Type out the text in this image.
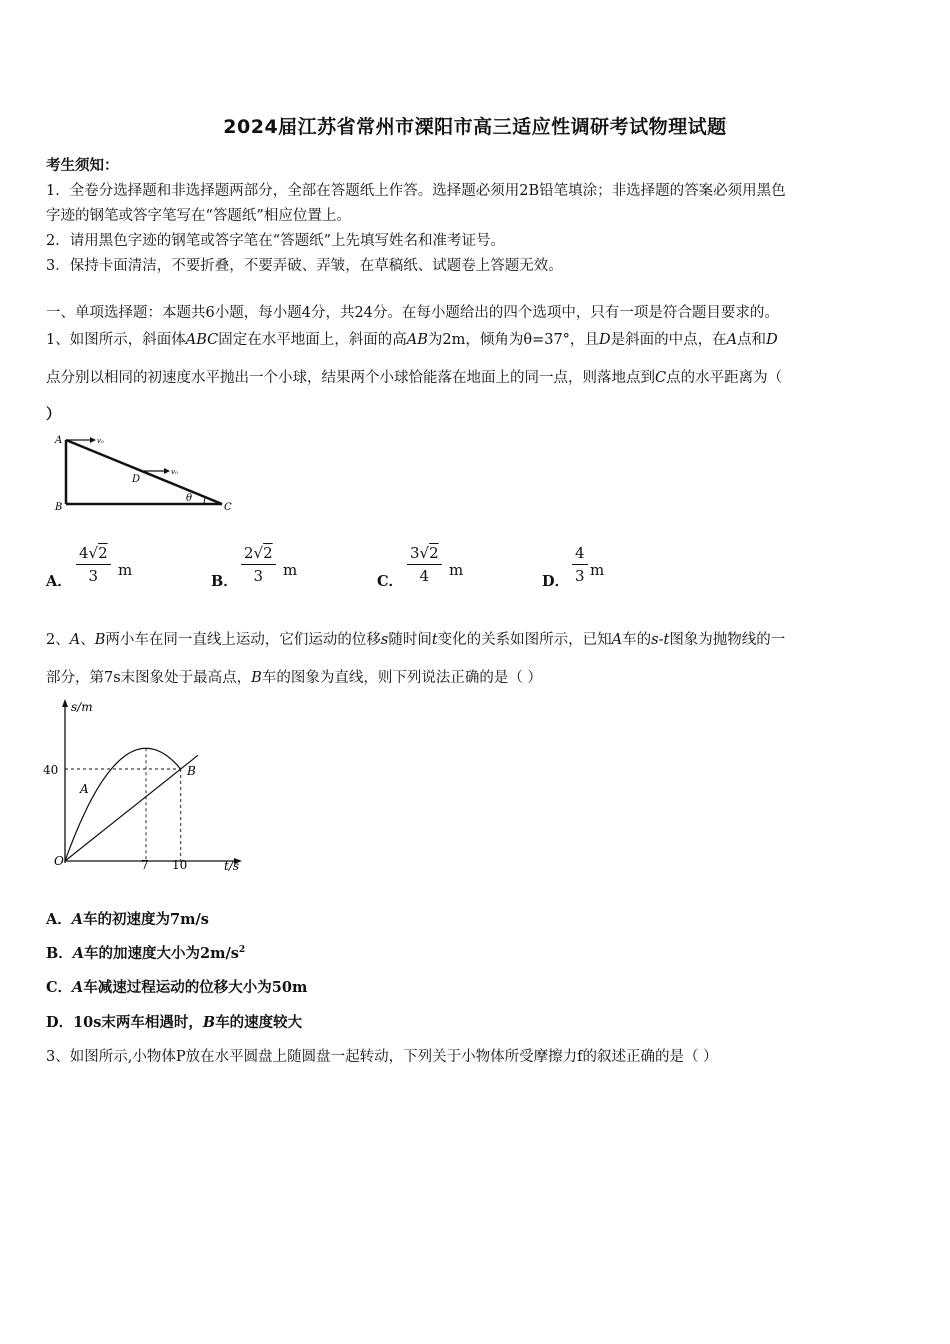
2024届江苏省常州市溧阳市高三适应性调研考试物理试题
考生须知：
1．全卷分选择题和非选择题两部分，全部在答题纸上作答。选择题必须用2B铅笔填涂；非选择题的答案必须用黑色
字迹的钢笔或答字笔写在“答题纸”相应位置上。
2．请用黑色字迹的钢笔或答字笔在“答题纸”上先填写姓名和准考证号。
3．保持卡面清洁，不要折叠，不要弄破、弄皱，在草稿纸、试题卷上答题无效。
一、单项选择题：本题共6小题，每小题4分，共24分。在每小题给出的四个选项中，只有一项是符合题目要求的。
1、如图所示，斜面体ABC固定在水平地面上，斜面的高AB为2m，倾角为θ=37°，且D是斜面的中点，在A点和D
点分别以相同的初速度水平抛出一个小球，结果两个小球恰能落在地面上的同一点，则落地点到C点的水平距离为（
）
A
B	C
D
θ
v₀
v₀
A．
4√2
3	m
B．
2√2
3	m
C．
3√2
4	m
D．
4
3 m
2、A、B两小车在同一直线上运动，它们运动的位移s随时间t变化的关系如图所示，已知A车的s-t图象为抛物线的一
部分，第7s末图象处于最高点，B车的图象为直线，则下列说法正确的是（ ）
s/m
t/s
40
7 10
O
A
B
A．A车的初速度为7m/s
B．A车的加速度大小为$2m/s^2$
C．A车减速过程运动的位移大小为50m
D．10s末两车相遇时，B车的速度较大
3、如图所示,小物体P放在水平圆盘上随圆盘一起转动，下列关于小物体所受摩擦力f的叙述正确的是（ ）
